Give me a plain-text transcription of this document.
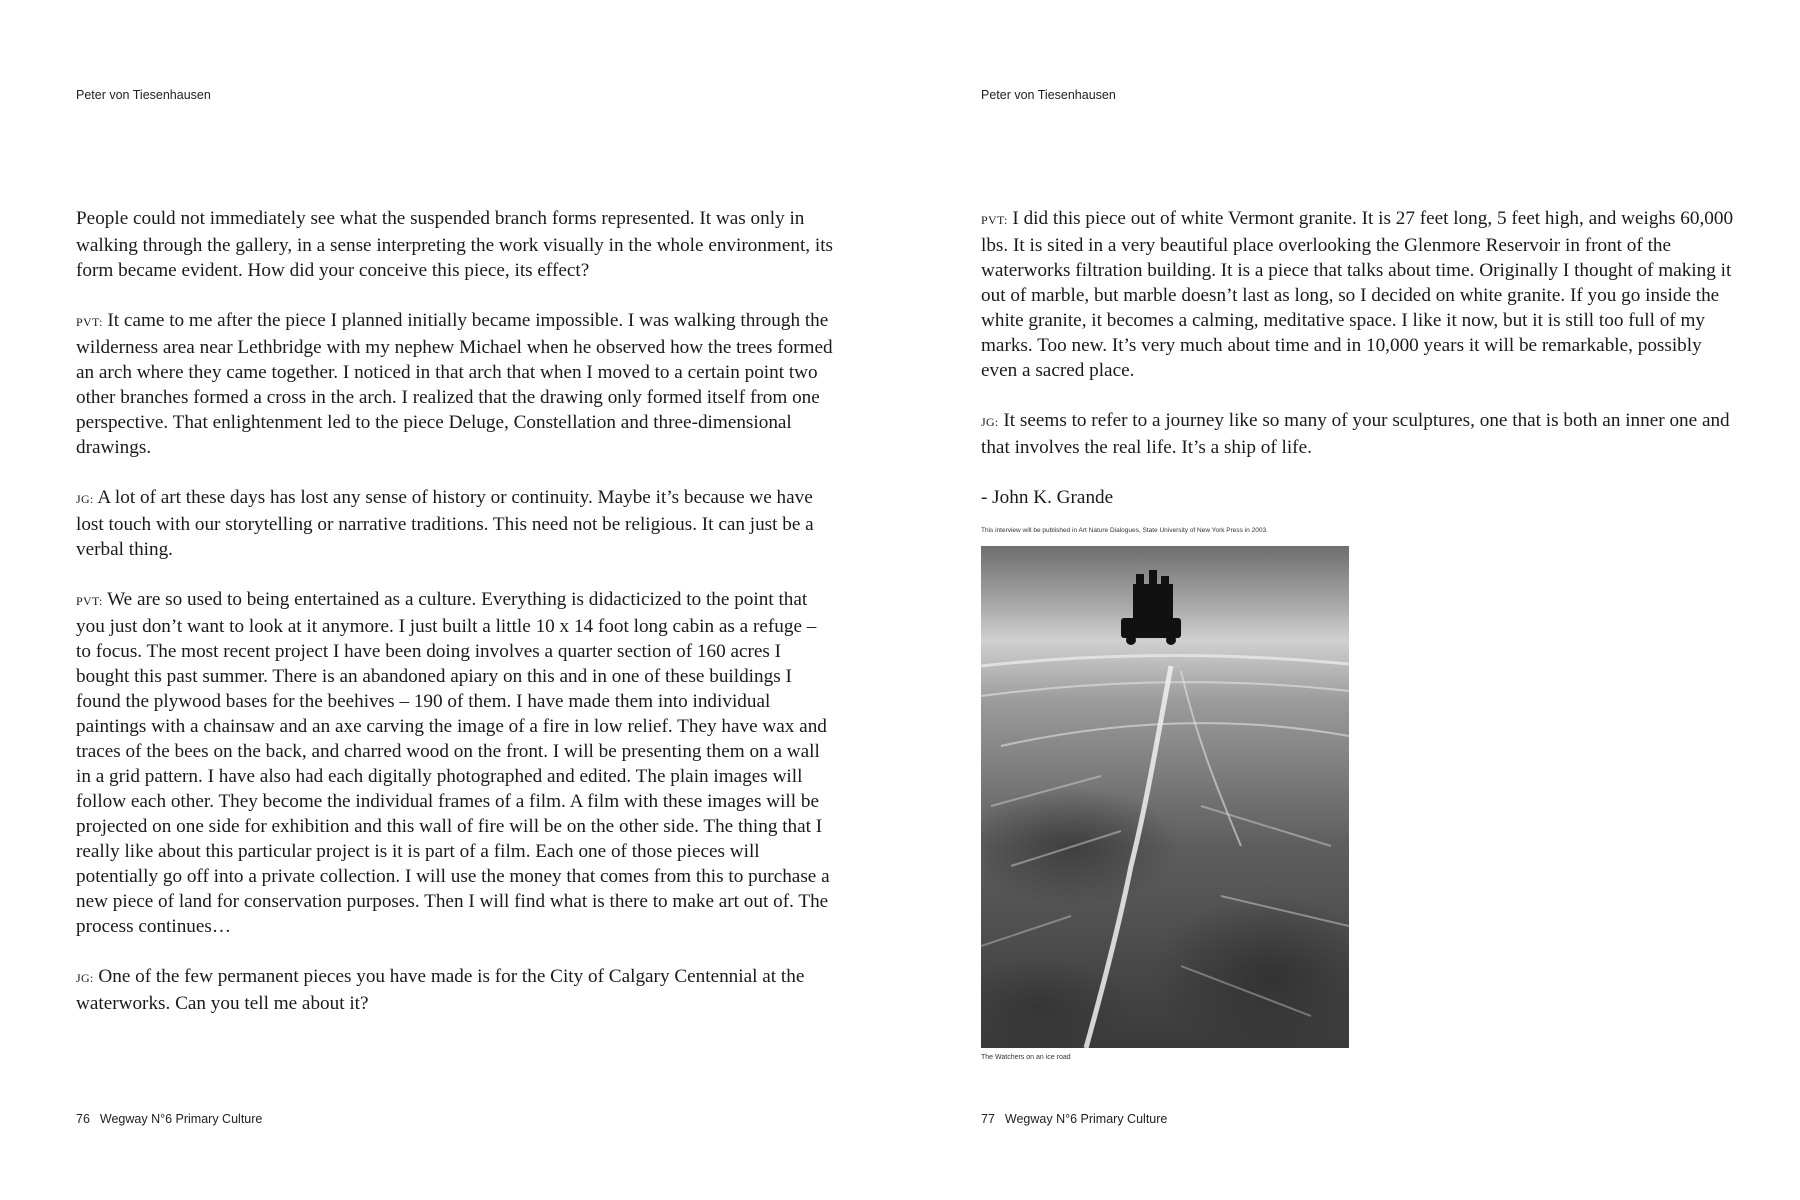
Peter von Tiesenhausen

People could not immediately see what the suspended branch forms represented. It was only in walking through the gallery, in a sense interpreting the work visually in the whole environment, its form became evident. How did your conceive this piece, its effect?

PVT: It came to me after the piece I planned initially became impossible. I was walking through the wilderness area near Lethbridge with my nephew Michael when he observed how the trees formed an arch where they came together. I noticed in that arch that when I moved to a certain point two other branches formed a cross in the arch. I realized that the drawing only formed itself from one perspective. That enlightenment led to the piece Deluge, Constellation and three-dimensional drawings.

JG: A lot of art these days has lost any sense of history or continuity. Maybe it’s because we have lost touch with our storytelling or narrative traditions. This need not be religious. It can just be a verbal thing.

PVT: We are so used to being entertained as a culture. Everything is didacticized to the point that you just don’t want to look at it anymore. I just built a little 10 x 14 foot long cabin as a refuge – to focus. The most recent project I have been doing involves a quarter section of 160 acres I bought this past summer. There is an abandoned apiary on this and in one of these buildings I found the plywood bases for the beehives – 190 of them. I have made them into individual paintings with a chainsaw and an axe carving the image of a fire in low relief. They have wax and traces of the bees on the back, and charred wood on the front. I will be presenting them on a wall in a grid pattern. I have also had each digitally photographed and edited. The plain images will follow each other. They become the individual frames of a film. A film with these images will be projected on one side for exhibition and this wall of fire will be on the other side. The thing that I really like about this particular project is it is part of a film. Each one of those pieces will potentially go off into a private collection. I will use the money that comes from this to purchase a new piece of land for conservation purposes. Then I will find what is there to make art out of. The process continues…

JG: One of the few permanent pieces you have made is for the City of Calgary Centennial at the waterworks. Can you tell me about it?

76 Wegway N°6 Primary Culture
Peter von Tiesenhausen

PVT: I did this piece out of white Vermont granite. It is 27 feet long, 5 feet high, and weighs 60,000 lbs. It is sited in a very beautiful place overlooking the Glenmore Reservoir in front of the waterworks filtration building. It is a piece that talks about time. Originally I thought of making it out of marble, but marble doesn’t last as long, so I decided on white granite. If you go inside the white granite, it becomes a calming, meditative space. I like it now, but it is still too full of my marks. Too new. It’s very much about time and in 10,000 years it will be remarkable, possibly even a sacred place.

JG: It seems to refer to a journey like so many of your sculptures, one that is both an inner one and that involves the real life. It’s a ship of life.

- John K. Grande
This interview will be published in Art Nature Dialogues, State University of New York Press in 2003.
The Watchers on an ice road
77 Wegway N°6 Primary Culture
